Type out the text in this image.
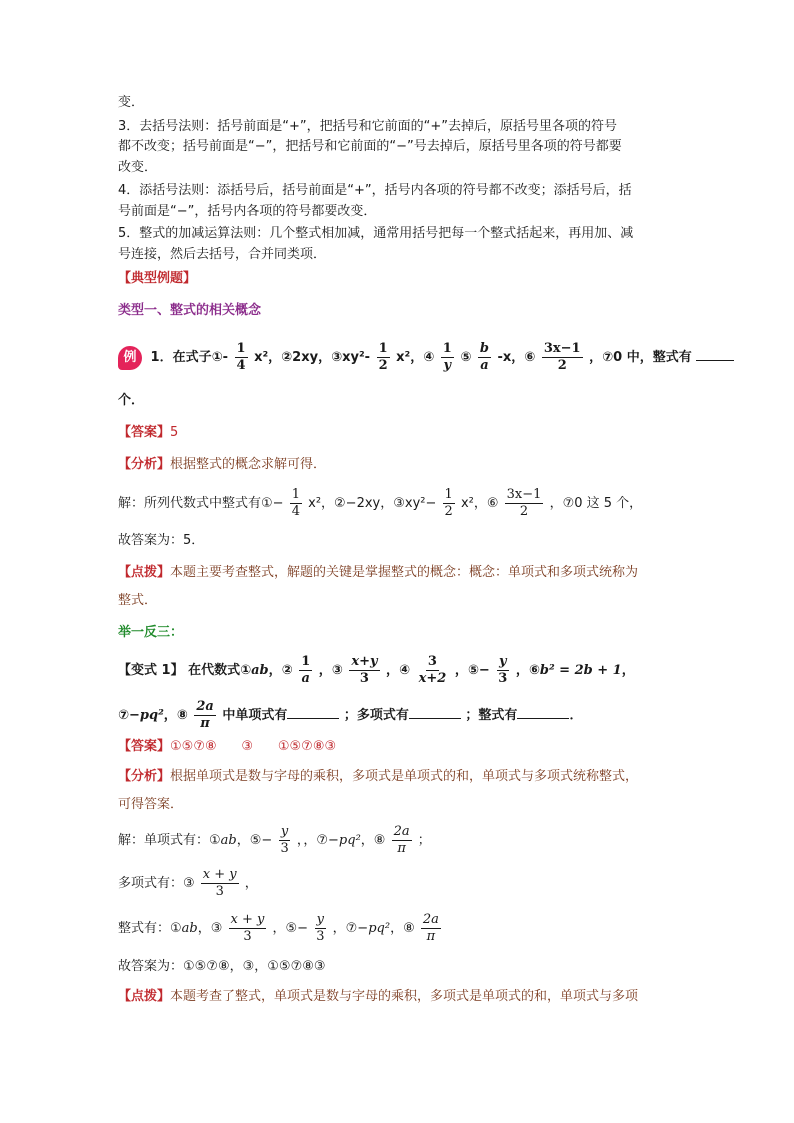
变．
3．去括号法则：括号前面是“+”，把括号和它前面的“+”去掉后，原括号里各项的符号
都不改变；括号前面是“−”，把括号和它前面的“−”号去掉后，原括号里各项的符号都要
改变．
4．添括号法则：添括号后，括号前面是“+”，括号内各项的符号都不改变；添括号后，括
号前面是“−”，括号内各项的符号都要改变．
5．整式的加减运算法则：几个整式相加减，通常用括号把每一个整式括起来，再用加、减
号连接，然后去括号，合并同类项．
【典型例题】
类型一、整式的相关概念
例 1．在式子①- $\frac{1}{4} x^2$，②2xy，③xy²- $\frac{1}{2} x^2$，④ $\frac{1}{y}$ ⑤ $\frac{b}{a} -x$，⑥ $\frac{3x-1}{2}$ ，⑦0 中，整式有
个．
【答案】5
【分析】根据整式的概念求解可得．
解：所列代数式中整式有①− $\frac{1}{4} x^2$，②−2xy，③xy²− $\frac{1}{2} x^2$，⑥ $\frac{3x-1}{2}$ ，⑦0 这 5 个，
故答案为：5．
【点拨】本题主要考查整式，解题的关键是掌握整式的概念：概念：单项式和多项式统称为
整式．
举一反三：
【变式 1】 在代数式①ab，② $\frac{1}{a}$ ，③ $\frac{x+y}{3}$ ，④ $\frac{3}{x+2}$ ，⑤− $\frac{y}{3}$ ，⑥b² = 2b + 1，
⑦−pq²，⑧ $\frac{2a}{\pi}$ 中单项式有	；多项式有	；整式有	．
【答案】①⑤⑦⑧      ③      ①⑤⑦⑧③
【分析】根据单项式是数与字母的乘积，多项式是单项式的和，单项式与多项式统称整式，
可得答案．
解：单项式有：①ab，⑤− $\frac{y}{3}$ ，，⑦−pq²，⑧ $\frac{2a}{\pi}$ ；
多项式有：③ $\frac{x + y}{3}$ ，
整式有：①ab，③ $\frac{x + y}{3}$ ，⑤− $\frac{y}{3}$ ，⑦−pq²，⑧ $\frac{2a}{\pi}$
故答案为：①⑤⑦⑧，③，①⑤⑦⑧③
【点拨】本题考查了整式，单项式是数与字母的乘积，多项式是单项式的和，单项式与多项
